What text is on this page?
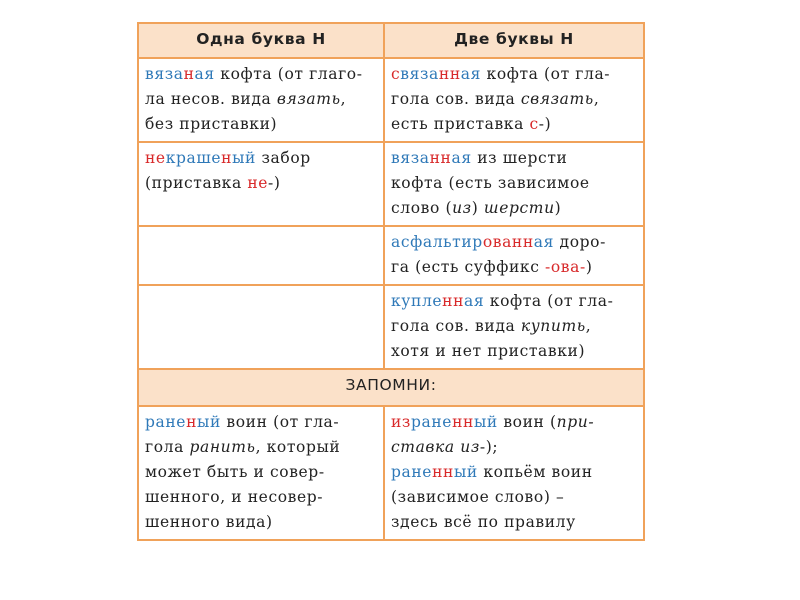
Одна буква Н	Две буквы Н

вязаная кофта (от глаго-
ла несов. вида вязать,
без приставки)	связанная кофта (от гла-
гола сов. вида связать,
есть приставка с-)

некрашеный забор
(приставка не-)	вязанная из шерсти
кофта (есть зависимое
слово (из) шерсти)

	асфальтированная доро-
га (есть суффикс -ова-)

	купленная кофта (от гла-
гола сов. вида купить,
хотя и нет приставки)

ЗАПОМНИ:	

раненый воин (от гла-
гола ранить, который
может быть и совер-
шенного, и несовер-
шенного вида)	израненный воин (при-
ставка из-);
раненный копьём воин
(зависимое слово) –
здесь всё по правилу
